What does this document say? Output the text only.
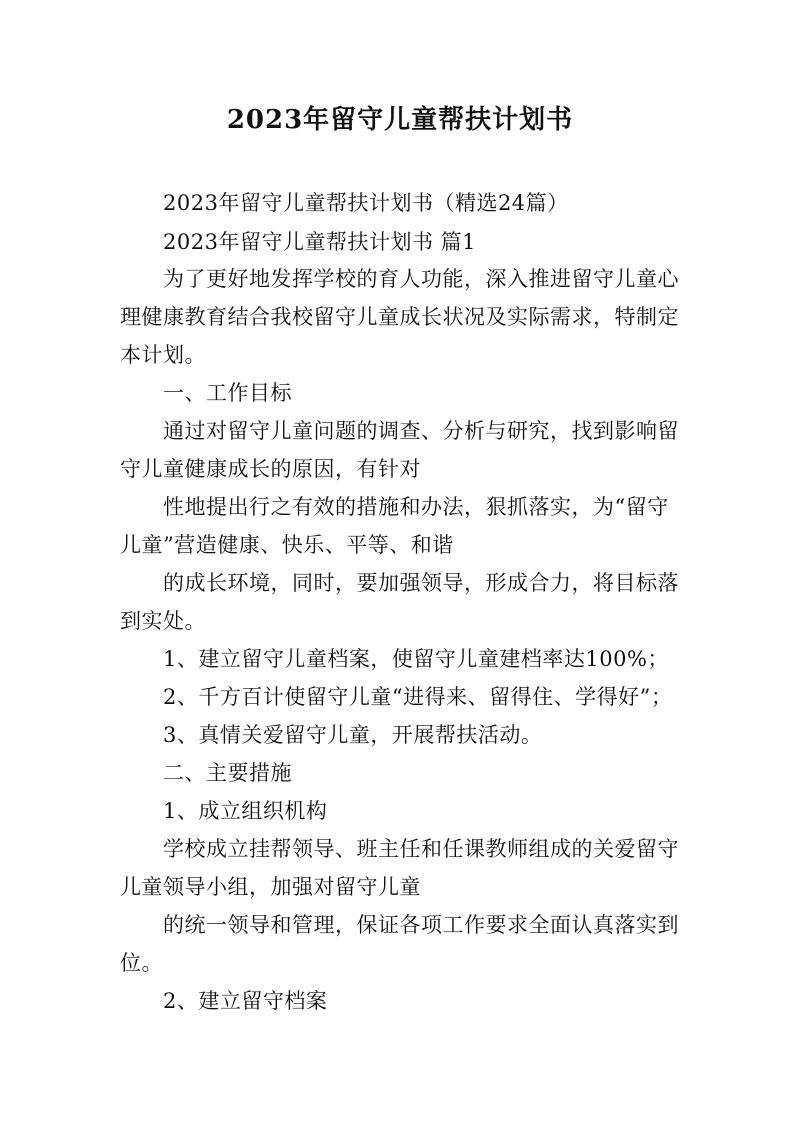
2023年留守儿童帮扶计划书
2023年留守儿童帮扶计划书（精选24篇）
2023年留守儿童帮扶计划书 篇1
为了更好地发挥学校的育人功能，深入推进留守儿童心
理健康教育结合我校留守儿童成长状况及实际需求，特制定
本计划。
一、工作目标
通过对留守儿童问题的调查、分析与研究，找到影响留
守儿童健康成长的原因，有针对
性地提出行之有效的措施和办法，狠抓落实，为“留守
儿童”营造健康、快乐、平等、和谐
的成长环境，同时，要加强领导，形成合力，将目标落
到实处。
1、建立留守儿童档案，使留守儿童建档率达100%；
2、千方百计使留守儿童“进得来、留得住、学得好”；
3、真情关爱留守儿童，开展帮扶活动。
二、主要措施
1、成立组织机构
学校成立挂帮领导、班主任和任课教师组成的关爱留守
儿童领导小组，加强对留守儿童
的统一领导和管理，保证各项工作要求全面认真落实到
位。
2、建立留守档案
